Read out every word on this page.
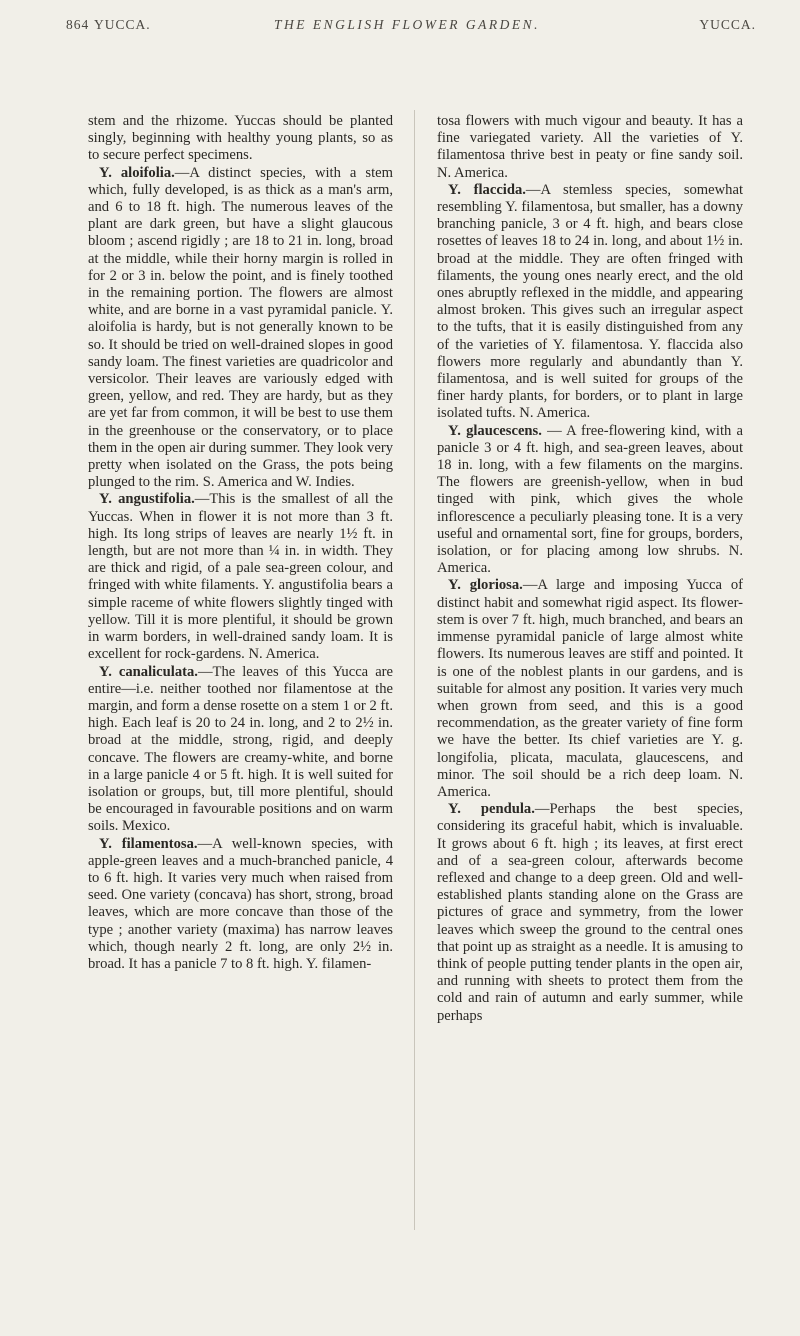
864 YUCCA.	THE ENGLISH FLOWER GARDEN.	YUCCA.

stem and the rhizome. Yuccas should be planted singly, beginning with healthy young plants, so as to secure perfect specimens.

Y. aloifolia.—A distinct species, with a stem which, fully developed, is as thick as a man's arm, and 6 to 18 ft. high. The numerous leaves of the plant are dark green, but have a slight glaucous bloom ; ascend rigidly ; are 18 to 21 in. long, broad at the middle, while their horny margin is rolled in for 2 or 3 in. below the point, and is finely toothed in the remaining portion. The flowers are almost white, and are borne in a vast pyramidal panicle. Y. aloifolia is hardy, but is not generally known to be so. It should be tried on well-drained slopes in good sandy loam. The finest varieties are quadricolor and versicolor. Their leaves are variously edged with green, yellow, and red. They are hardy, but as they are yet far from common, it will be best to use them in the greenhouse or the conservatory, or to place them in the open air during summer. They look very pretty when isolated on the Grass, the pots being plunged to the rim. S. America and W. Indies.

Y. angustifolia.—This is the smallest of all the Yuccas. When in flower it is not more than 3 ft. high. Its long strips of leaves are nearly 1½ ft. in length, but are not more than ¼ in. in width. They are thick and rigid, of a pale sea-green colour, and fringed with white filaments. Y. angustifolia bears a simple raceme of white flowers slightly tinged with yellow. Till it is more plentiful, it should be grown in warm borders, in well-drained sandy loam. It is excellent for rock-gardens. N. America.

Y. canaliculata.—The leaves of this Yucca are entire—i.e. neither toothed nor filamentose at the margin, and form a dense rosette on a stem 1 or 2 ft. high. Each leaf is 20 to 24 in. long, and 2 to 2½ in. broad at the middle, strong, rigid, and deeply concave. The flowers are creamy-white, and borne in a large panicle 4 or 5 ft. high. It is well suited for isolation or groups, but, till more plentiful, should be encouraged in favourable positions and on warm soils. Mexico.

Y. filamentosa.—A well-known species, with apple-green leaves and a much-branched panicle, 4 to 6 ft. high. It varies very much when raised from seed. One variety (concava) has short, strong, broad leaves, which are more concave than those of the type ; another variety (maxima) has narrow leaves which, though nearly 2 ft. long, are only 2½ in. broad. It has a panicle 7 to 8 ft. high. Y. filamen-

tosa flowers with much vigour and beauty. It has a fine variegated variety. All the varieties of Y. filamentosa thrive best in peaty or fine sandy soil. N. America.

Y. flaccida.—A stemless species, somewhat resembling Y. filamentosa, but smaller, has a downy branching panicle, 3 or 4 ft. high, and bears close rosettes of leaves 18 to 24 in. long, and about 1½ in. broad at the middle. They are often fringed with filaments, the young ones nearly erect, and the old ones abruptly reflexed in the middle, and appearing almost broken. This gives such an irregular aspect to the tufts, that it is easily distinguished from any of the varieties of Y. filamentosa. Y. flaccida also flowers more regularly and abundantly than Y. filamentosa, and is well suited for groups of the finer hardy plants, for borders, or to plant in large isolated tufts. N. America.

Y. glaucescens. — A free-flowering kind, with a panicle 3 or 4 ft. high, and sea-green leaves, about 18 in. long, with a few filaments on the margins. The flowers are greenish-yellow, when in bud tinged with pink, which gives the whole inflorescence a peculiarly pleasing tone. It is a very useful and ornamental sort, fine for groups, borders, isolation, or for placing among low shrubs. N. America.

Y. gloriosa.—A large and imposing Yucca of distinct habit and somewhat rigid aspect. Its flower-stem is over 7 ft. high, much branched, and bears an immense pyramidal panicle of large almost white flowers. Its numerous leaves are stiff and pointed. It is one of the noblest plants in our gardens, and is suitable for almost any position. It varies very much when grown from seed, and this is a good recommendation, as the greater variety of fine form we have the better. Its chief varieties are Y. g. longifolia, plicata, maculata, glaucescens, and minor. The soil should be a rich deep loam. N. America.

Y. pendula.—Perhaps the best species, considering its graceful habit, which is invaluable. It grows about 6 ft. high ; its leaves, at first erect and of a sea-green colour, afterwards become reflexed and change to a deep green. Old and well-established plants standing alone on the Grass are pictures of grace and symmetry, from the lower leaves which sweep the ground to the central ones that point up as straight as a needle. It is amusing to think of people putting tender plants in the open air, and running with sheets to protect them from the cold and rain of autumn and early summer, while perhaps
